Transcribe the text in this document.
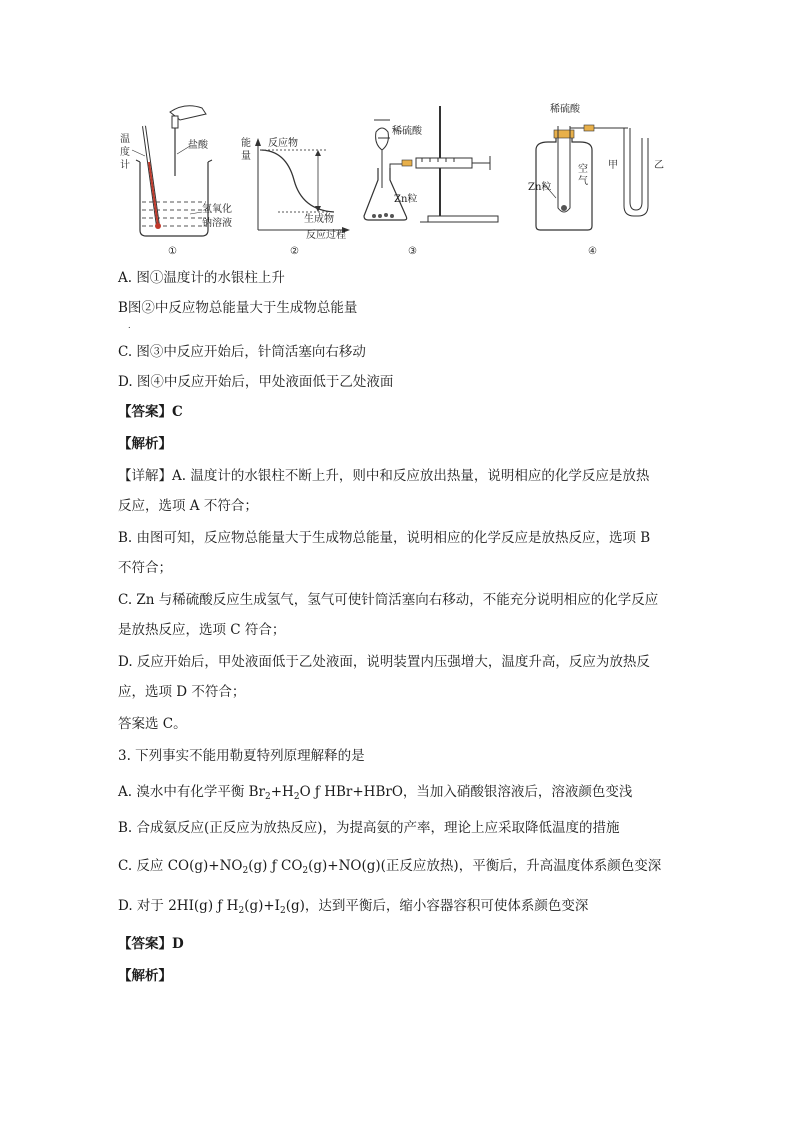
温
度
计
盐酸
氢氧化
钠溶液
①
能
量
反应物
生成物
反应过程
②
稀硫酸
Zn粒
③
稀硫酸
Zn粒
空
气
甲	乙
④
A. 图①温度计的水银柱上升
B图②中反应物总能量大于生成物总能量
.
C. 图③中反应开始后，针筒活塞向右移动
D. 图④中反应开始后，甲处液面低于乙处液面
【答案】C
【解析】
【详解】A. 温度计的水银柱不断上升，则中和反应放出热量，说明相应的化学反应是放热
反应，选项 A 不符合；
B. 由图可知，反应物总能量大于生成物总能量，说明相应的化学反应是放热反应，选项 B
不符合；
C. Zn 与稀硫酸反应生成氢气，氢气可使针筒活塞向右移动，不能充分说明相应的化学反应
是放热反应，选项 C 符合；
D. 反应开始后，甲处液面低于乙处液面，说明装置内压强增大，温度升高，反应为放热反
应，选项 D 不符合；
答案选 C。
3. 下列事实不能用勒夏特列原理解释的是
A. 溴水中有化学平衡 $Br_2+H_2O$ ƒ HBr+HBrO，当加入硝酸银溶液后，溶液颜色变浅
B. 合成氨反应(正反应为放热反应)，为提高氨的产率，理论上应采取降低温度的措施
C. 反应 $CO(g)+NO_2(g)$ ƒ $CO_2(g)+NO(g)$(正反应放热)，平衡后，升高温度体系颜色变深
D. 对于 2HI(g) ƒ $H_2(g)+I_2(g)$，达到平衡后，缩小容器容积可使体系颜色变深
【答案】D
【解析】
